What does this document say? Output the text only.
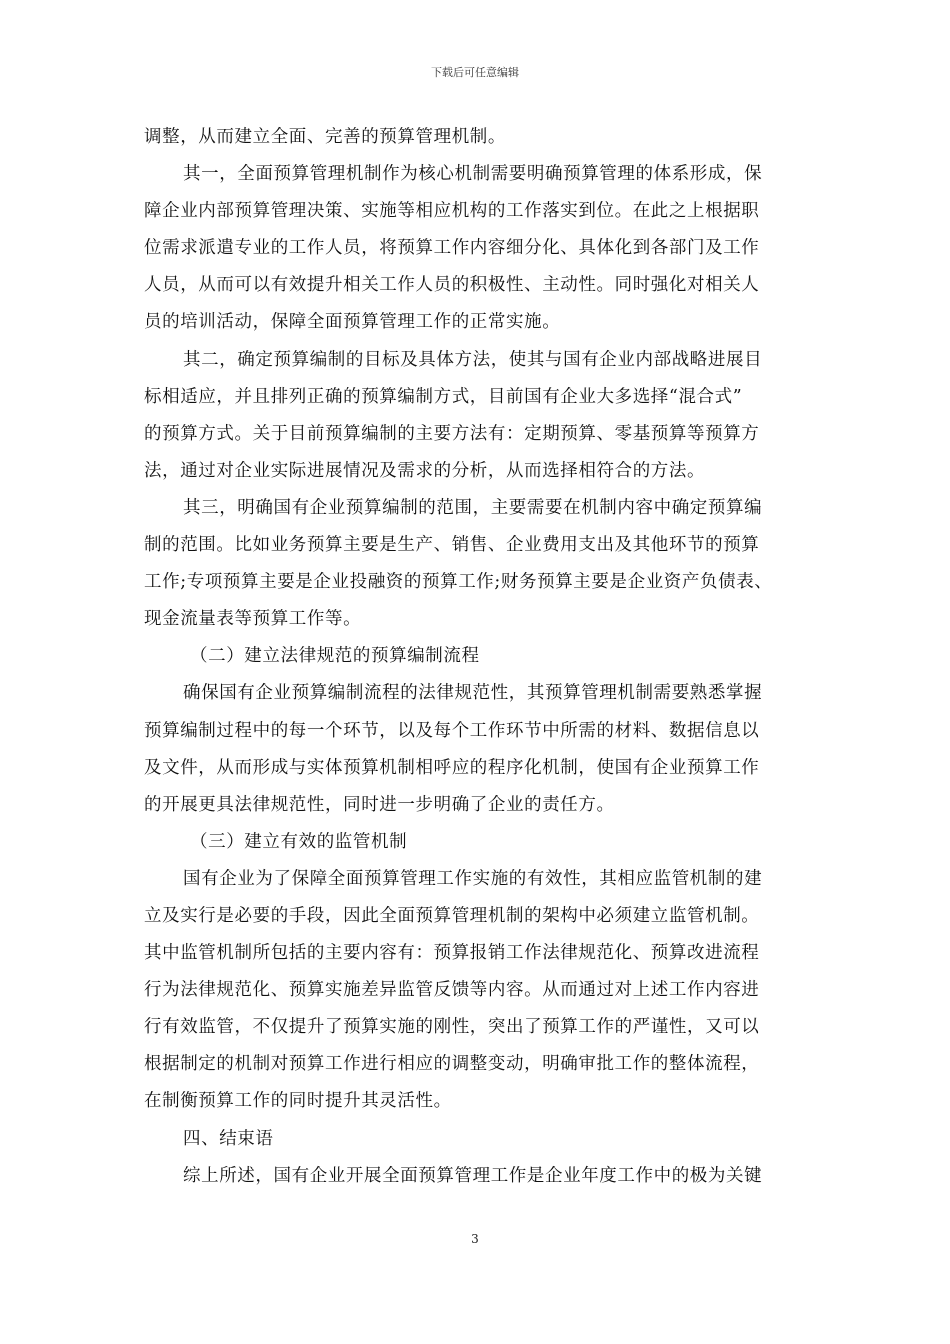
下载后可任意编辑
调整，从而建立全面、完善的预算管理机制。
其一，全面预算管理机制作为核心机制需要明确预算管理的体系形成，保
障企业内部预算管理决策、实施等相应机构的工作落实到位。在此之上根据职
位需求派遣专业的工作人员，将预算工作内容细分化、具体化到各部门及工作
人员，从而可以有效提升相关工作人员的积极性、主动性。同时强化对相关人
员的培训活动，保障全面预算管理工作的正常实施。
其二，确定预算编制的目标及具体方法，使其与国有企业内部战略进展目
标相适应，并且排列正确的预算编制方式，目前国有企业大多选择“混合式”
的预算方式。关于目前预算编制的主要方法有：定期预算、零基预算等预算方
法，通过对企业实际进展情况及需求的分析，从而选择相符合的方法。
其三，明确国有企业预算编制的范围，主要需要在机制内容中确定预算编
制的范围。比如业务预算主要是生产、销售、企业费用支出及其他环节的预算
工作;专项预算主要是企业投融资的预算工作;财务预算主要是企业资产负债表、
现金流量表等预算工作等。
（二）建立法律规范的预算编制流程
确保国有企业预算编制流程的法律规范性，其预算管理机制需要熟悉掌握
预算编制过程中的每一个环节，以及每个工作环节中所需的材料、数据信息以
及文件，从而形成与实体预算机制相呼应的程序化机制，使国有企业预算工作
的开展更具法律规范性，同时进一步明确了企业的责任方。
（三）建立有效的监管机制
国有企业为了保障全面预算管理工作实施的有效性，其相应监管机制的建
立及实行是必要的手段，因此全面预算管理机制的架构中必须建立监管机制。
其中监管机制所包括的主要内容有：预算报销工作法律规范化、预算改进流程
行为法律规范化、预算实施差异监管反馈等内容。从而通过对上述工作内容进
行有效监管，不仅提升了预算实施的刚性，突出了预算工作的严谨性，又可以
根据制定的机制对预算工作进行相应的调整变动，明确审批工作的整体流程，
在制衡预算工作的同时提升其灵活性。
四、结束语
综上所述，国有企业开展全面预算管理工作是企业年度工作中的极为关键
3
